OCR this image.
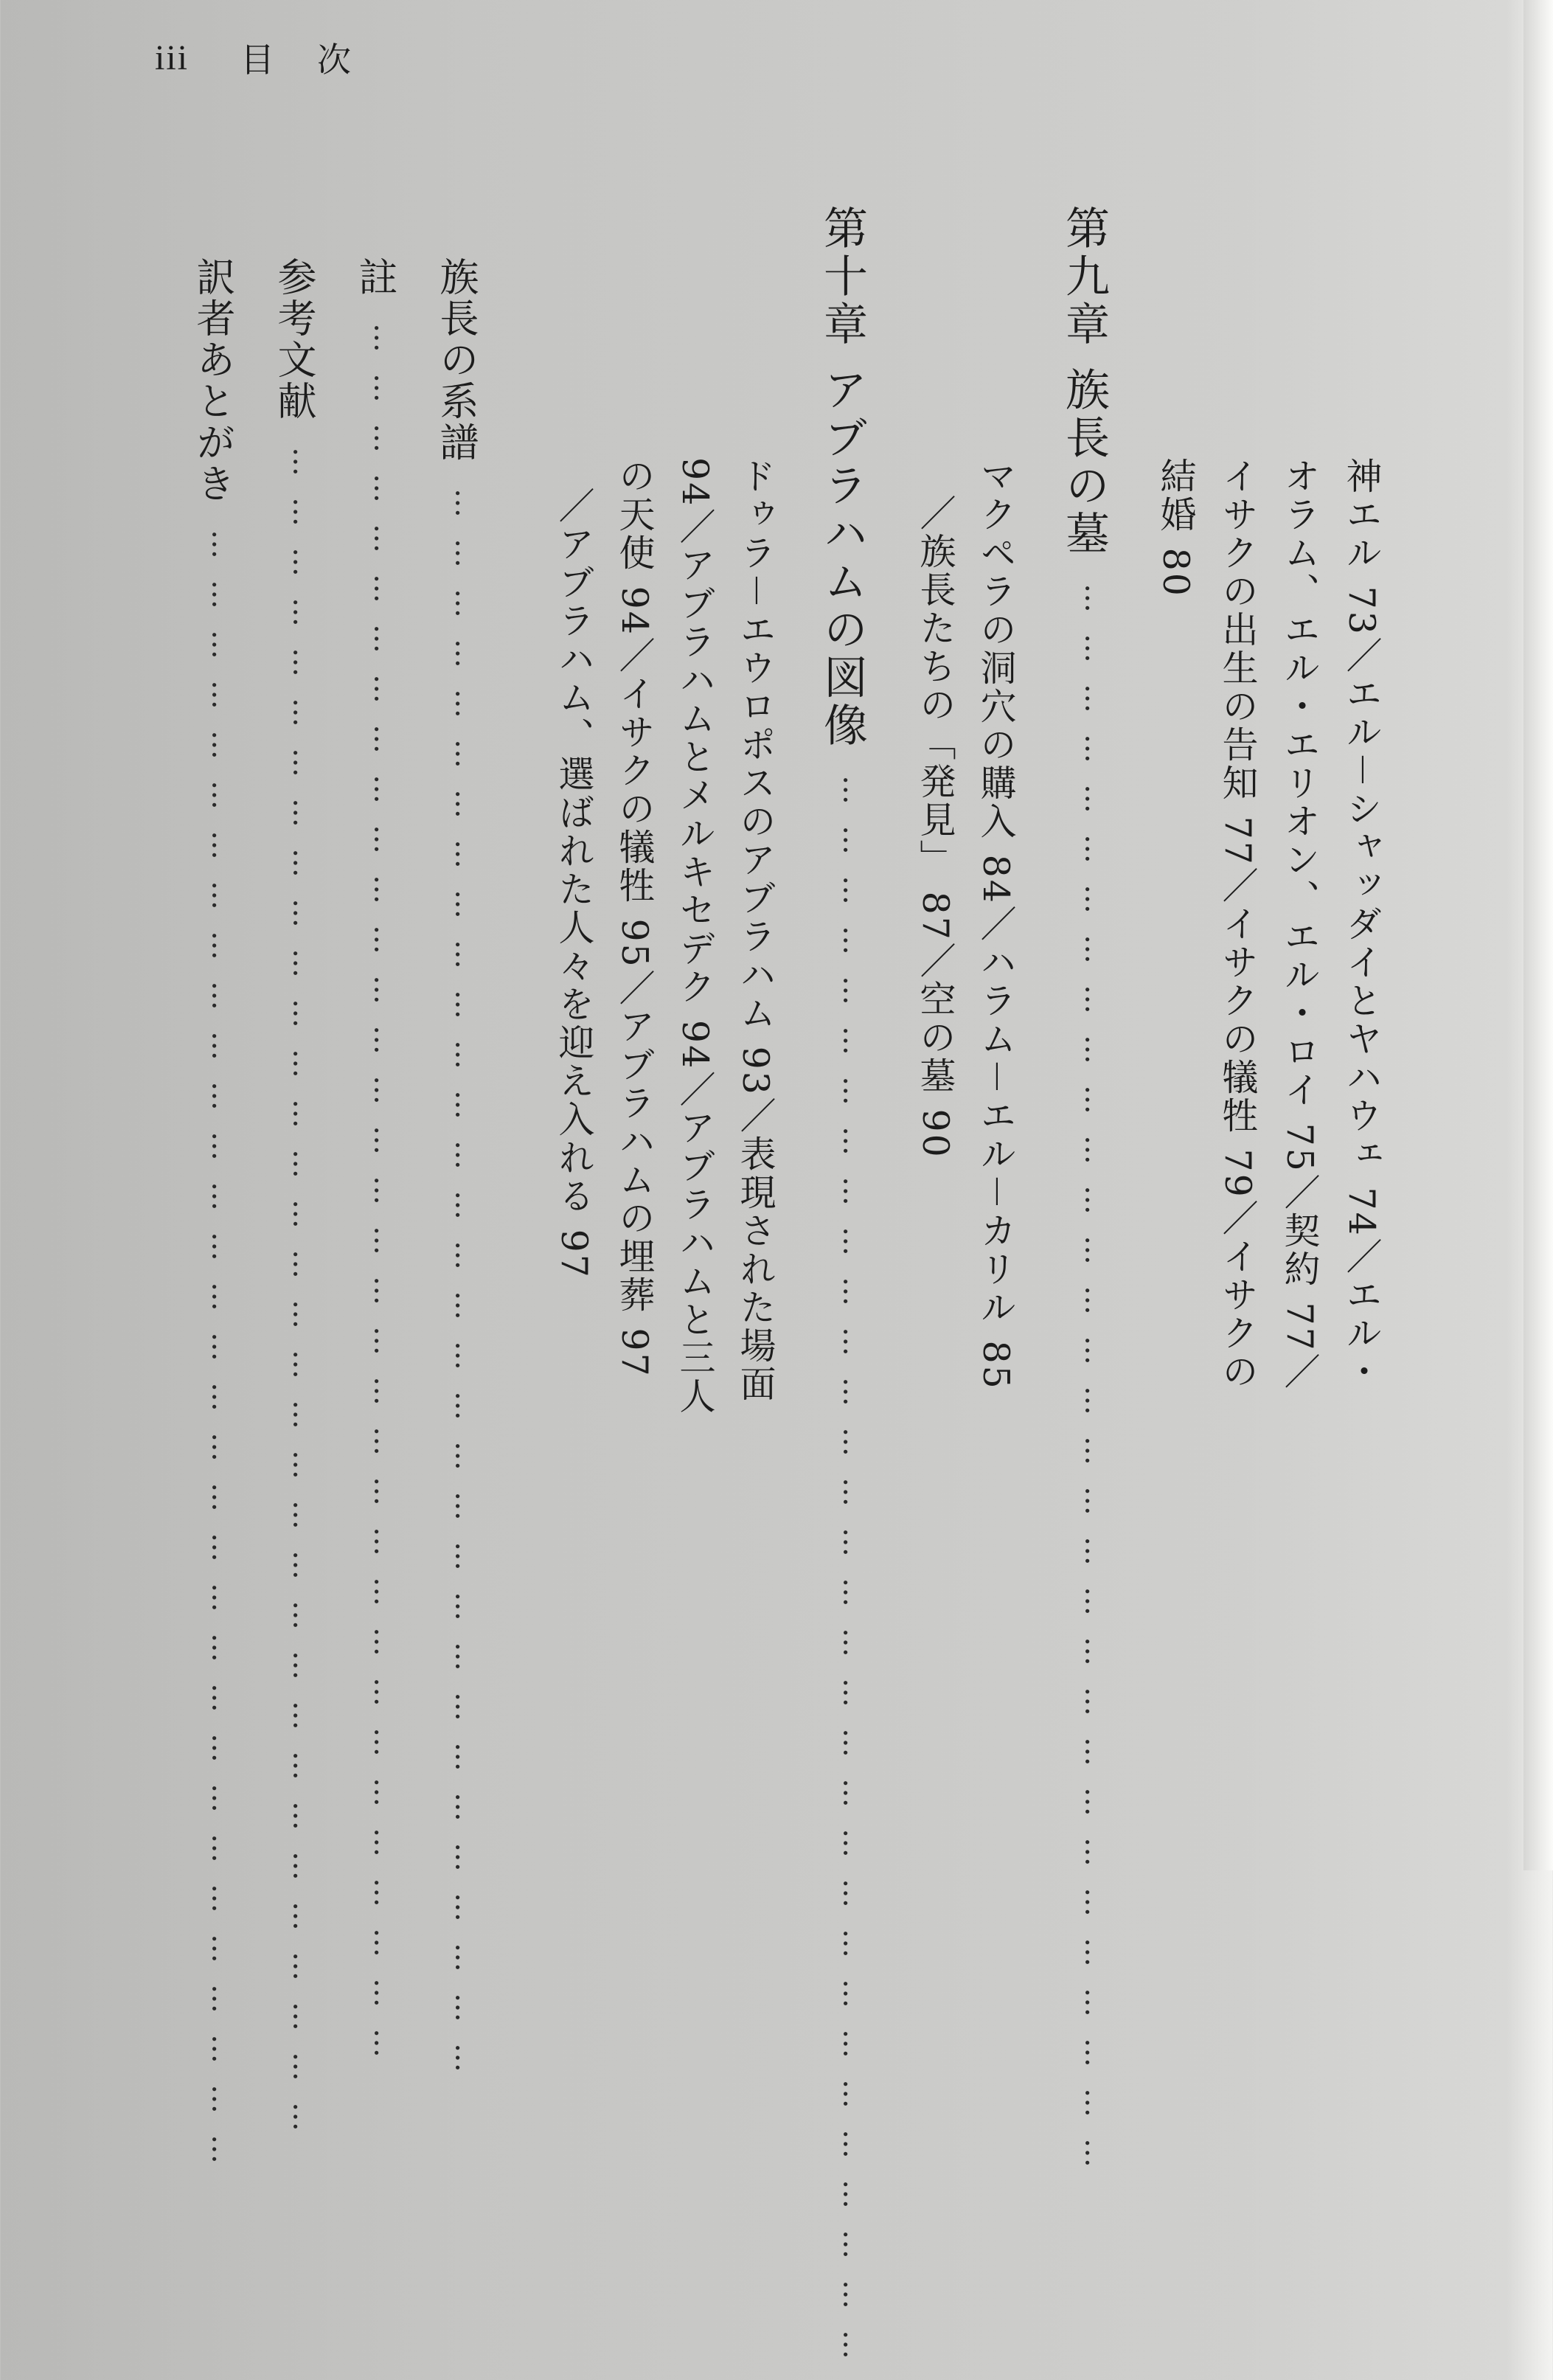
iii 目次
第九章 族長の墓……………………………………………………………………………………	神エル 73／エル－シャッダイとヤハウェ 74／エル・
オラム、エル・エリオン、エル・ロイ 75／契約 77／
イサクの出生の告知 77／イサクの犠牲 79／イサクの
結婚 80
マクペラの洞穴の購入 84／ハラム－エル－カリル 85
／族長たちの「発見」 87／空の墓 90
第十章 アブラハムの図像……………………………………………………………………………………
ドゥラ－エウロポスのアブラハム 93／表現された場面
94／アブラハムとメルキセデク 94／アブラハムと三人
の天使 94／イサクの犠牲 95／アブラハムの埋葬 97
／アブラハム、選ばれた人々を迎え入れる 97
族長の系譜……………………………………………………………………………………
註……………………………………………………………………………………………
参考文献…………………………………………………………………………………………
訳者あとがき………………………………………………………………………………………
